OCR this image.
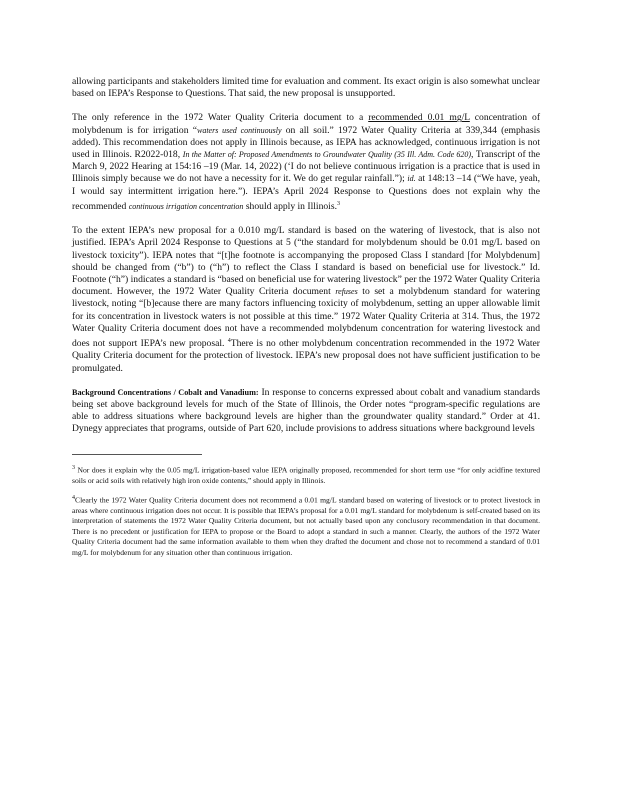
allowing participants and stakeholders limited time for evaluation and comment. Its exact origin is also somewhat unclear based on IEPA’s Response to Questions. That said, the new proposal is unsupported.

The only reference in the 1972 Water Quality Criteria document to a recommended 0.01 mg/L concentration of molybdenum is for irrigation “waters used continuously on all soil.” 1972 Water Quality Criteria at 339,344 (emphasis added). This recommendation does not apply in Illinois because, as IEPA has acknowledged, continuous irrigation is not used in Illinois. R2022-018, In the Matter of: Proposed Amendments to Groundwater Quality (35 Ill. Adm. Code 620), Transcript of the March 9, 2022 Hearing at 154:16 –19 (Mar. 14, 2022) (‘I do not believe continuous irrigation is a practice that is used in Illinois simply because we do not have a necessity for it. We do get regular rainfall.”); id. at 148:13 –14 (“We have, yeah, I would say intermittent irrigation here.”). IEPA’s April 2024 Response to Questions does not explain why the recommended continuous irrigation concentration should apply in Illinois.$^3$

To the extent IEPA’s new proposal for a 0.010 mg/L standard is based on the watering of livestock, that is also not justified. IEPA’s April 2024 Response to Questions at 5 (“the standard for molybdenum should be 0.01 mg/L based on livestock toxicity”). IEPA notes that “[t]he footnote is accompanying the proposed Class I standard [for Molybdenum] should be changed from (“b”) to (“h”) to reflect the Class I standard is based on beneficial use for livestock.” Id. Footnote (“h”) indicates a standard is “based on beneficial use for watering livestock” per the 1972 Water Quality Criteria document. However, the 1972 Water Quality Criteria document refuses to set a molybdenum standard for watering livestock, noting “[b]ecause there are many factors influencing toxicity of molybdenum, setting an upper allowable limit for its concentration in livestock waters is not possible at this time.” 1972 Water Quality Criteria at 314. Thus, the 1972 Water Quality Criteria document does not have a recommended molybdenum concentration for watering livestock and does not support IEPA’s new proposal. $^4$There is no other molybdenum concentration recommended in the 1972 Water Quality Criteria document for the protection of livestock. IEPA’s new proposal does not have sufficient justification to be promulgated.

Background Concentrations / Cobalt and Vanadium: In response to concerns expressed about cobalt and vanadium standards being set above background levels for much of the State of Illinois, the Order notes “program-specific regulations are able to address situations where background levels are higher than the groundwater quality standard.” Order at 41. Dynegy appreciates that programs, outside of Part 620, include provisions to address situations where background levels

$^3$ Nor does it explain why the 0.05 mg/L irrigation-based value IEPA originally proposed, recommended for short term use “for only acidfine textured soils or acid soils with relatively high iron oxide contents,” should apply in Illinois.

$^4$Clearly the 1972 Water Quality Criteria document does not recommend a 0.01 mg/L standard based on watering of livestock or to protect livestock in areas where continuous irrigation does not occur. It is possible that IEPA’s proposal for a 0.01 mg/L standard for molybdenum is self-created based on its interpretation of statements the 1972 Water Quality Criteria document, but not actually based upon any conclusory recommendation in that document. There is no precedent or justification for IEPA to propose or the Board to adopt a standard in such a manner. Clearly, the authors of the 1972 Water Quality Criteria document had the same information available to them when they drafted the document and chose not to recommend a standard of 0.01 mg/L for molybdenum for any situation other than continuous irrigation.
